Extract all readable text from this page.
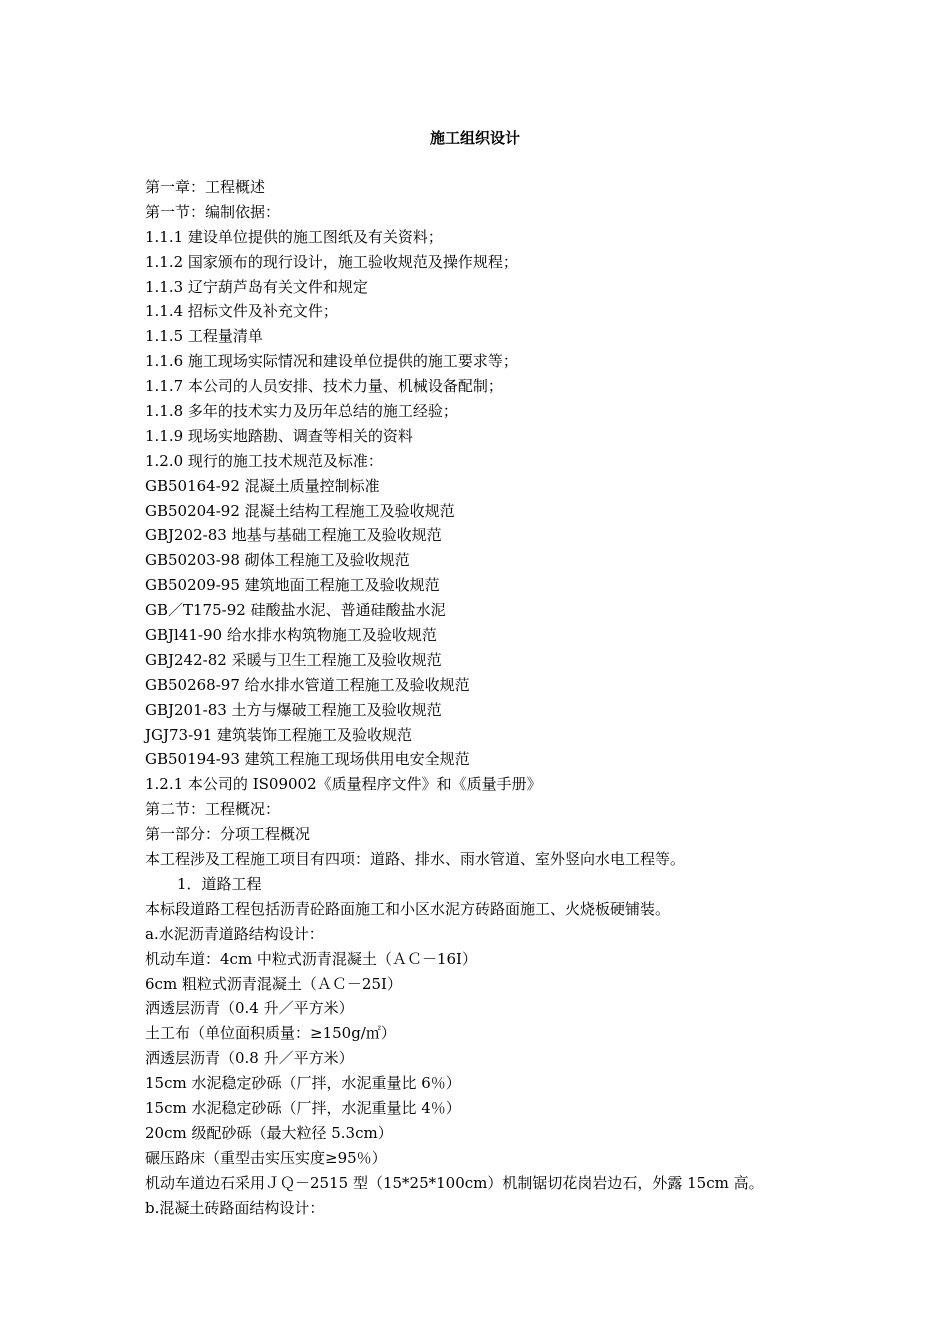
施工组织设计
第一章：工程概述
第一节：编制依据：
1.1.1 建设单位提供的施工图纸及有关资料；
1.1.2 国家颁布的现行设计，施工验收规范及操作规程；
1.1.3 辽宁葫芦岛有关文件和规定
1.1.4 招标文件及补充文件；
1.1.5 工程量清单
1.1.6 施工现场实际情况和建设单位提供的施工要求等；
1.1.7 本公司的人员安排、技术力量、机械设备配制；
1.1.8 多年的技术实力及历年总结的施工经验；
1.1.9 现场实地踏勘、调查等相关的资料
1.2.0 现行的施工技术规范及标准：
GB50164-92 混凝土质量控制标准
GB50204-92 混凝土结构工程施工及验收规范
GBJ202-83 地基与基础工程施工及验收规范
GB50203-98 砌体工程施工及验收规范
GB50209-95 建筑地面工程施工及验收规范
GB／T175-92 硅酸盐水泥、普通硅酸盐水泥
GBJl41-90 给水排水构筑物施工及验收规范
GBJ242-82 采暖与卫生工程施工及验收规范
GB50268-97 给水排水管道工程施工及验收规范
GBJ201-83 土方与爆破工程施工及验收规范
JGJ73-91 建筑装饰工程施工及验收规范
GB50194-93 建筑工程施工现场供用电安全规范
1.2.1 本公司的 IS09002《质量程序文件》和《质量手册》
第二节：工程概况：
第一部分：分项工程概况
本工程涉及工程施工项目有四项：道路、排水、雨水管道、室外竖向水电工程等。
1．道路工程
本标段道路工程包括沥青砼路面施工和小区水泥方砖路面施工、火烧板硬铺装。
a.水泥沥青道路结构设计：
机动车道：4cm 中粒式沥青混凝土（ＡＣ－16Ⅰ）
6cm 粗粒式沥青混凝土（ＡＣ－25Ⅰ）
洒透层沥青（0.4 升／平方米）
土工布（单位面积质量：≥150g/㎡）
洒透层沥青（0.8 升／平方米）
15cm 水泥稳定砂砾（厂拌，水泥重量比 6％）
15cm 水泥稳定砂砾（厂拌，水泥重量比 4％）
20cm 级配砂砾（最大粒径 5.3cm）
碾压路床（重型击实压实度≥95％）
机动车道边石采用ＪＱ－2515 型（15*25*100cm）机制锯切花岗岩边石，外露 15cm 高。
b.混凝土砖路面结构设计：
